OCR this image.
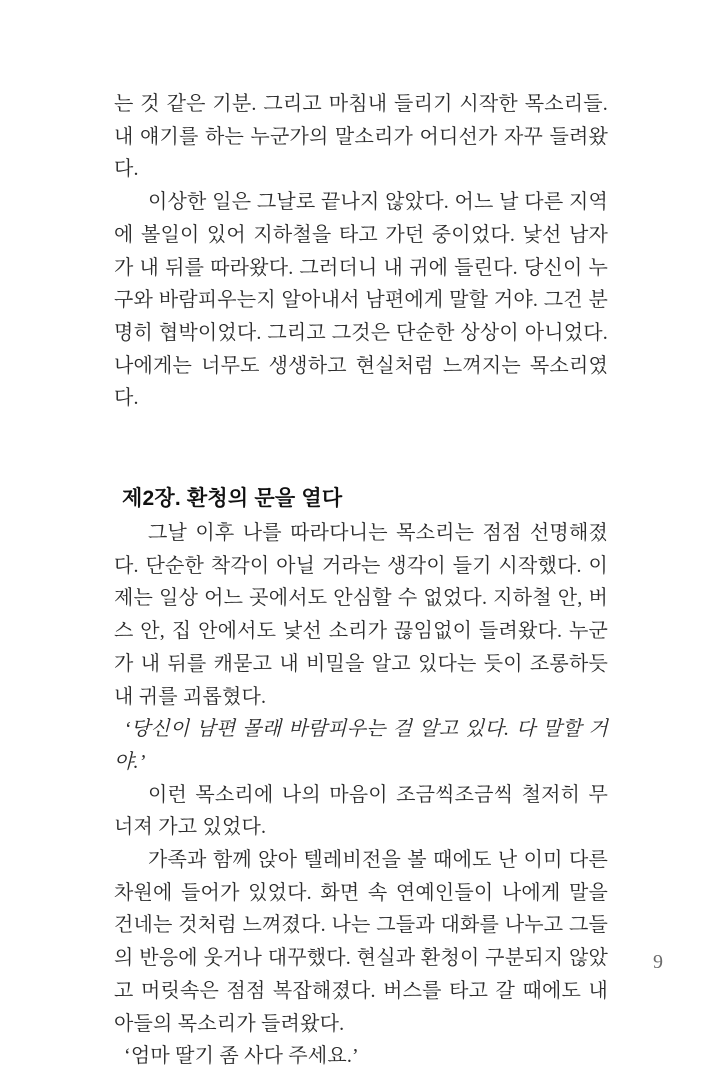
는 것 같은 기분. 그리고 마침내 들리기 시작한 목소리들. 내 얘기를 하는 누군가의 말소리가 어디선가 자꾸 들려왔다.

이상한 일은 그날로 끝나지 않았다. 어느 날 다른 지역에 볼일이 있어 지하철을 타고 가던 중이었다. 낯선 남자가 내 뒤를 따라왔다. 그러더니 내 귀에 들린다. 당신이 누구와 바람피우는지 알아내서 남편에게 말할 거야. 그건 분명히 협박이었다. 그리고 그것은 단순한 상상이 아니었다. 나에게는 너무도 생생하고 현실처럼 느껴지는 목소리였다.

제2장. 환청의 문을 열다

그날 이후 나를 따라다니는 목소리는 점점 선명해졌다. 단순한 착각이 아닐 거라는 생각이 들기 시작했다. 이제는 일상 어느 곳에서도 안심할 수 없었다. 지하철 안, 버스 안, 집 안에서도 낯선 소리가 끊임없이 들려왔다. 누군가 내 뒤를 캐묻고 내 비밀을 알고 있다는 듯이 조롱하듯 내 귀를 괴롭혔다.

‘당신이 남편 몰래 바람피우는 걸 알고 있다. 다 말할 거야.’

이런 목소리에 나의 마음이 조금씩조금씩 철저히 무너져 가고 있었다.

가족과 함께 앉아 텔레비전을 볼 때에도 난 이미 다른 차원에 들어가 있었다. 화면 속 연예인들이 나에게 말을 건네는 것처럼 느껴졌다. 나는 그들과 대화를 나누고 그들의 반응에 웃거나 대꾸했다. 현실과 환청이 구분되지 않았고 머릿속은 점점 복잡해졌다. 버스를 타고 갈 때에도 내 아들의 목소리가 들려왔다.

‘엄마 딸기 좀 사다 주세요.’

9
